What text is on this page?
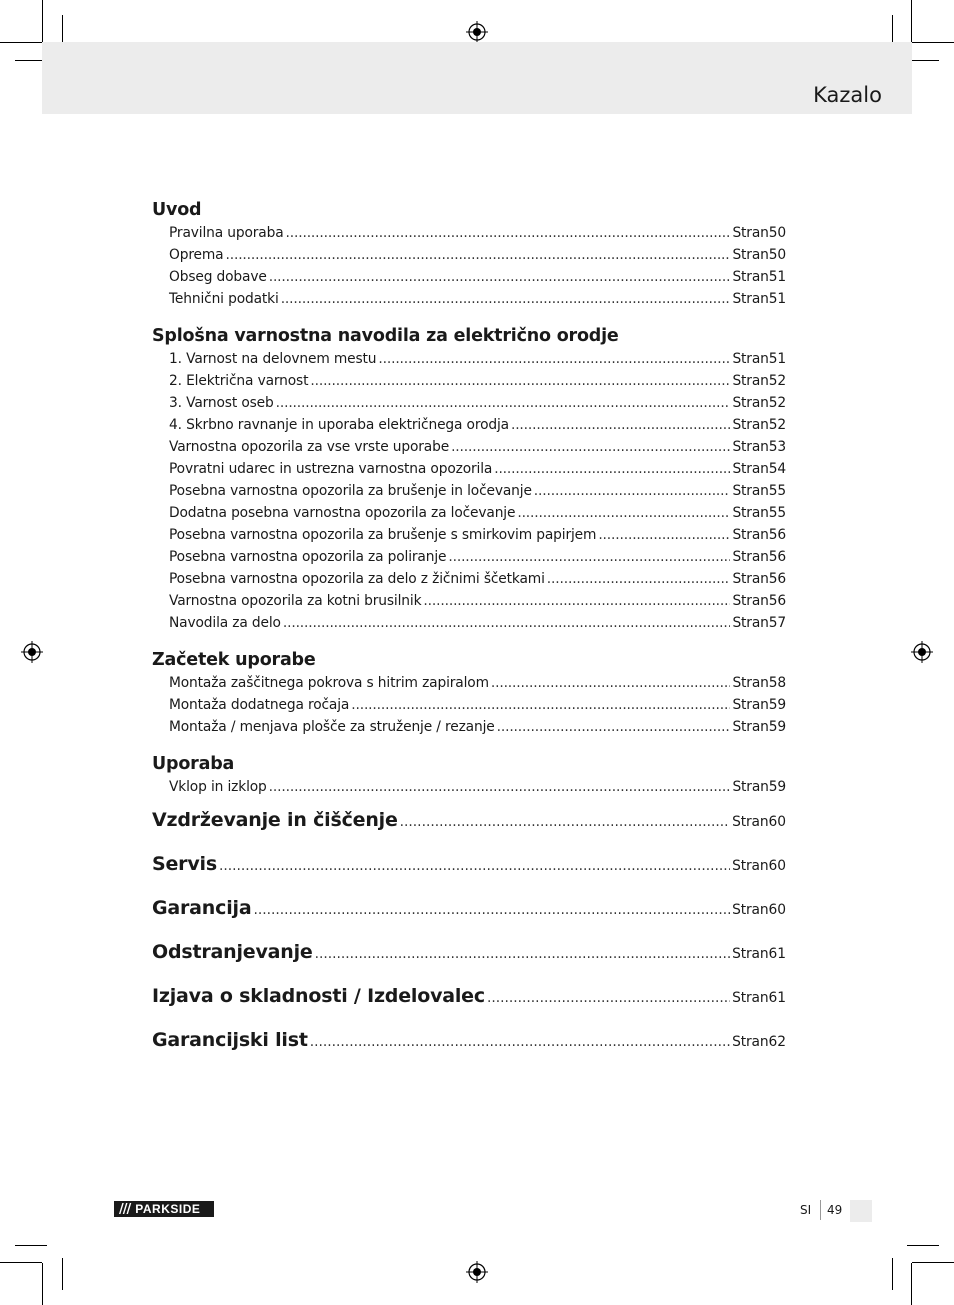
Kazalo
Uvod
Pravilna uporaba .....	Stran 50
Oprema .....	Stran 50
Obseg dobave .....	Stran 51
Tehnični podatki .....	Stran 51
Splošna varnostna navodila za električno orodje
1. Varnost na delovnem mestu .....	Stran 51
2. Električna varnost .....	Stran 52
3. Varnost oseb .....	Stran 52
4. Skrbno ravnanje in uporaba električnega orodja .....	Stran 52
Varnostna opozorila za vse vrste uporabe .....	Stran 53
Povratni udarec in ustrezna varnostna opozorila .....	Stran 54
Posebna varnostna opozorila za brušenje in ločevanje .....	Stran 55
Dodatna posebna varnostna opozorila za ločevanje .....	Stran 55
Posebna varnostna opozorila za brušenje s smirkovim papirjem .....	Stran 56
Posebna varnostna opozorila za poliranje .....	Stran 56
Posebna varnostna opozorila za delo z žičnimi ščetkami .....	Stran 56
Varnostna opozorila za kotni brusilnik .....	Stran 56
Navodila za delo .....	Stran 57
Začetek uporabe
Montaža zaščitnega pokrova s hitrim zapiralom .....	Stran 58
Montaža dodatnega ročaja .....	Stran 59
Montaža / menjava plošče za struženje / rezanje .....	Stran 59
Uporaba
Vklop in izklop .....	Stran 59
Vzdrževanje in čiščenje .....	Stran 60
Servis .....	Stran 60
Garancija .....	Stran 60
Odstranjevanje .....	Stran 61
Izjava o skladnosti / Izdelovalec .....	Stran 61
Garancijski list .....	Stran 62
/// PARKSIDE	SI 49
